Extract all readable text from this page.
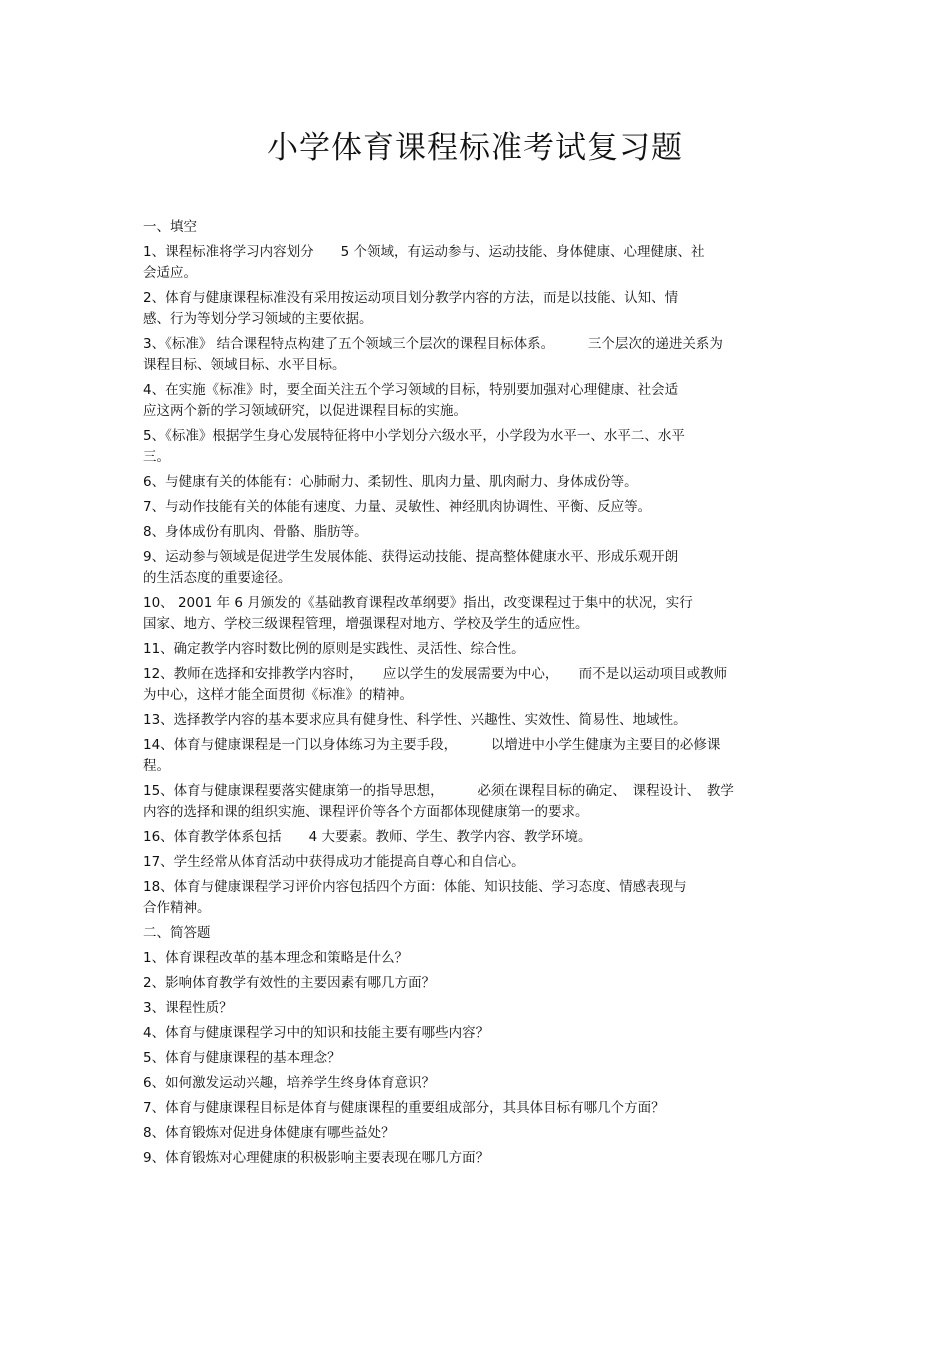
小学体育课程标准考试复习题
一、填空
1、课程标准将学习内容划分　　5 个领域，有运动参与、运动技能、身体健康、心理健康、社
会适应。
2、体育与健康课程标准没有采用按运动项目划分教学内容的方法，而是以技能、认知、情
感、行为等划分学习领域的主要依据。
3、《标准》 结合课程特点构建了五个领域三个层次的课程目标体系。　　　三个层次的递进关系为
课程目标、领域目标、水平目标。
4、在实施《标准》时，要全面关注五个学习领域的目标，特别要加强对心理健康、社会适
应这两个新的学习领域研究，以促进课程目标的实施。
5、《标准》根据学生身心发展特征将中小学划分六级水平，小学段为水平一、水平二、水平
三。
6、与健康有关的体能有：心肺耐力、柔韧性、肌肉力量、肌肉耐力、身体成份等。
7、与动作技能有关的体能有速度、力量、灵敏性、神经肌肉协调性、平衡、反应等。
8、身体成份有肌肉、骨骼、脂肪等。
9、运动参与领域是促进学生发展体能、获得运动技能、提高整体健康水平、形成乐观开朗
的生活态度的重要途径。
10、 2001 年 6 月颁发的《基础教育课程改革纲要》指出，改变课程过于集中的状况，实行
国家、地方、学校三级课程管理，增强课程对地方、学校及学生的适应性。
11、确定教学内容时数比例的原则是实践性、灵活性、综合性。
12、教师在选择和安排教学内容时，　　应以学生的发展需要为中心，　　而不是以运动项目或教师
为中心，这样才能全面贯彻《标准》的精神。
13、选择教学内容的基本要求应具有健身性、科学性、兴趣性、实效性、简易性、地域性。
14、体育与健康课程是一门以身体练习为主要手段，　　　以增进中小学生健康为主要目的必修课
程。
15、体育与健康课程要落实健康第一的指导思想，　　　必须在课程目标的确定、　课程设计、　教学
内容的选择和课的组织实施、课程评价等各个方面都体现健康第一的要求。
16、体育教学体系包括　　4 大要素。教师、学生、教学内容、教学环境。
17、学生经常从体育活动中获得成功才能提高自尊心和自信心。
18、体育与健康课程学习评价内容包括四个方面：体能、知识技能、学习态度、情感表现与
合作精神。
二、简答题
1、体育课程改革的基本理念和策略是什么？
2、影响体育教学有效性的主要因素有哪几方面？
3、课程性质？
4、体育与健康课程学习中的知识和技能主要有哪些内容？
5、体育与健康课程的基本理念？
6、如何激发运动兴趣，培养学生终身体育意识？
7、体育与健康课程目标是体育与健康课程的重要组成部分，其具体目标有哪几个方面？
8、体育锻炼对促进身体健康有哪些益处？
9、体育锻炼对心理健康的积极影响主要表现在哪几方面？
